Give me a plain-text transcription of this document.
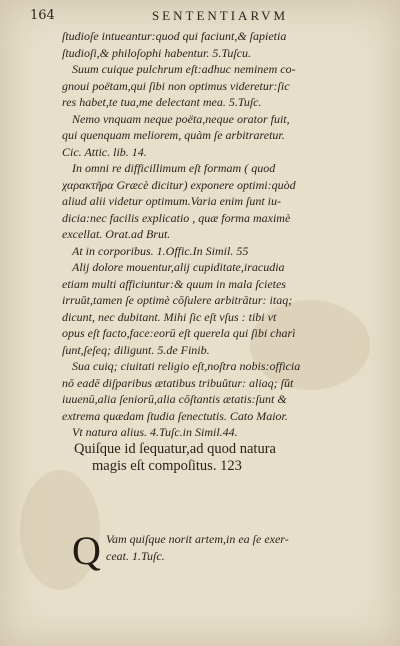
164	SENTENTIARVM
ſtudioſe intueantur:quod qui faciunt,& ſapietia
ſtudioſi,& philoſophi habentur. 5.Tuſcu.
Suum cuique pulchrum eſt:adhuc neminem co-
gnoui poëtam,qui ſibi non optimus videretur:ſic
res habet,te tua,me delectant mea. 5.Tuſc.
Nemo vnquam neque poëta,neque orator fuit,
qui quenquam meliorem, quàm ſe arbitraretur.
Cic. Attic. lib. 14.
In omni re difficillimum eſt formam ( quod
χαρακτῆρα Græcè dicitur) exponere optimi:quòd
aliud alii videtur optimum.Varia enim ſunt iu-
dicia:nec facilis explicatio , quæ forma maximè
excellat. Orat.ad Brut.
At in corporibus. 1.Offic.In Simil. 55
Alij dolore mouentur,alij cupiditate,iracudia
etiam multi afficiuntur:& quum in mala ſcietes
irruŭt,tamen ſe optimè cōſulere arbitrātur: itaq;
dicunt, nec dubitant. Mihi ſic eſt vſus : tibi vt
opus eſt facto,face:eorū eſt querela qui ſibi charì
ſunt,ſeſeq; diligunt. 5.de Finib.
Sua cuiq; ciuitati religio eſt,noſtra nobis:officia
nō eadē diſparibus ætatibus tribuŭtur: aliaq; ſŭt
iuuenū,alia ſeniorū,alia cōſtantis ætatis:ſunt &
extrema quædam ſtudia ſenectutis. Cato Maior.
Vt natura alius. 4.Tuſc.in Simil.44.
Quiſque id ſequatur,ad quod natura
magis eſt compoſitus. 123
Q Vam quiſque norit artem,in ea ſe exer-
ceat. 1.Tuſc.
